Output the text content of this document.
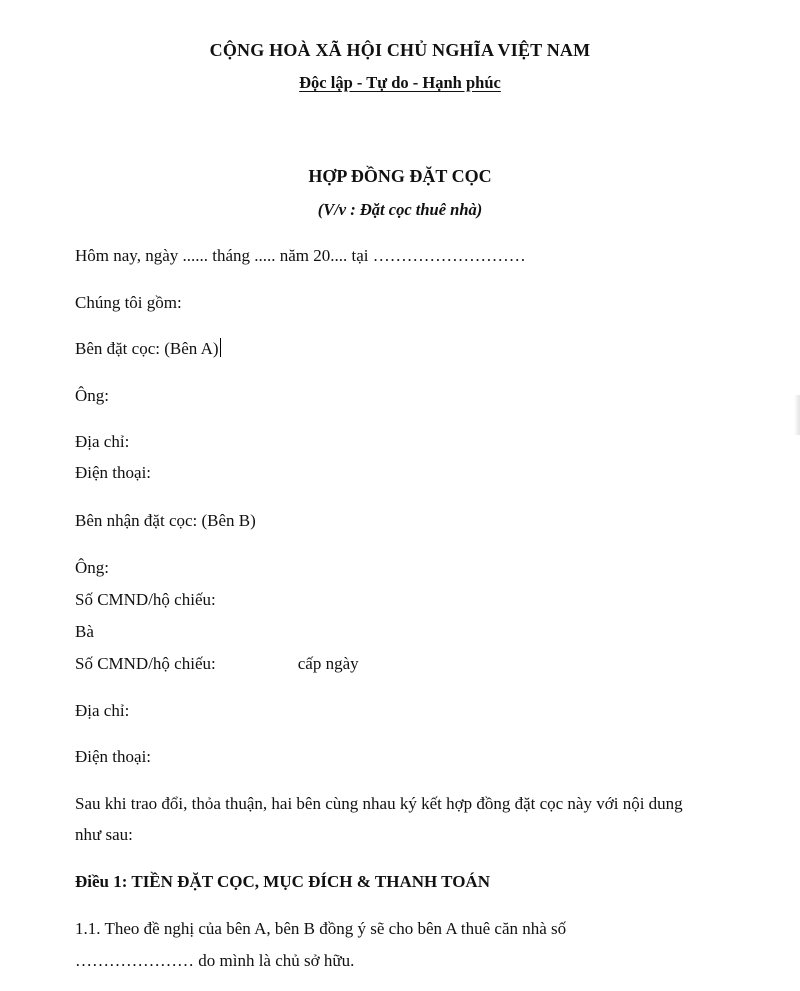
CỘNG HOÀ XÃ HỘI CHỦ NGHĨA VIỆT NAM
Độc lập - Tự do - Hạnh phúc
HỢP ĐỒNG ĐẶT CỌC
(V/v : Đặt cọc thuê nhà)
Hôm nay, ngày ...... tháng ..... năm 20.... tại ………………………
Chúng tôi gồm:
Bên đặt cọc: (Bên A)
Ông:
Địa chỉ:
Điện thoại:
Bên nhận đặt cọc: (Bên B)
Ông:
Số CMND/hộ chiếu:
Bà
Số CMND/hộ chiếu:	cấp ngày
Địa chỉ:
Điện thoại:
Sau khi trao đổi, thỏa thuận, hai bên cùng nhau ký kết hợp đồng đặt cọc này với nội dung
như sau:
Điều 1: TIỀN ĐẶT CỌC, MỤC ĐÍCH & THANH TOÁN
1.1. Theo đề nghị của bên A, bên B đồng ý sẽ cho bên A thuê căn nhà số
………………… do mình là chủ sở hữu.
